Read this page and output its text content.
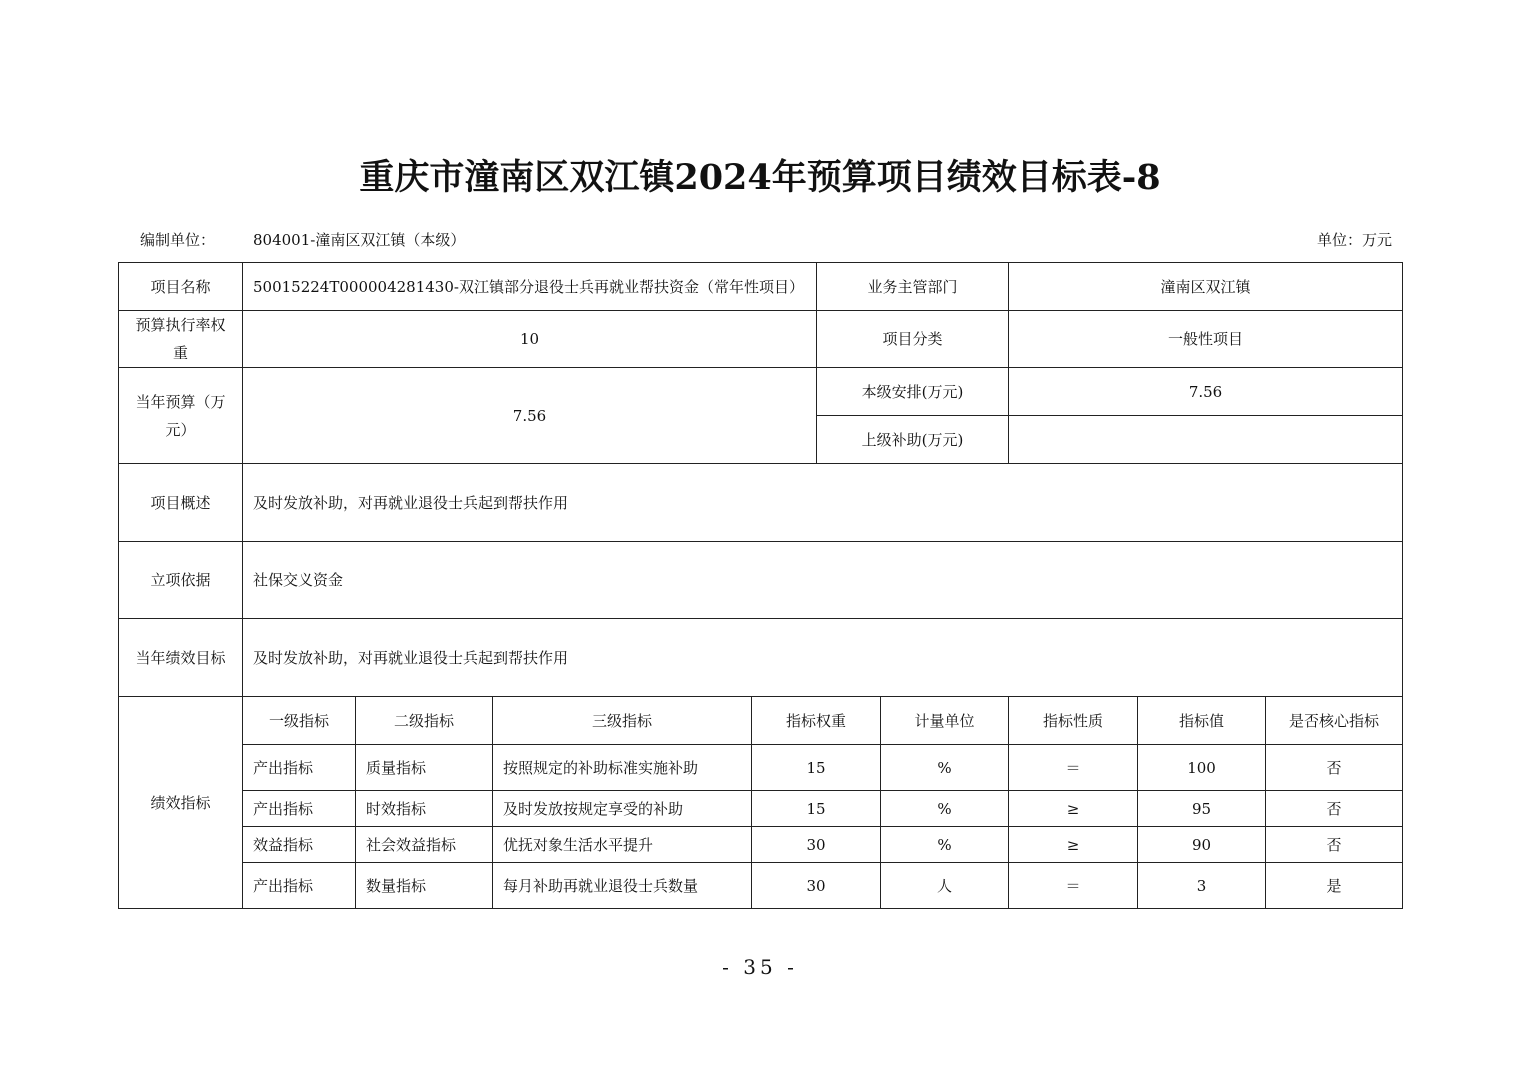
重庆市潼南区双江镇2024年预算项目绩效目标表-8
编制单位：	804001-潼南区双江镇（本级）	单位：万元
项目名称	50015224T000004281430-双江镇部分退役士兵再就业帮扶资金（常年性项目）				业务主管部门		潼南区双江镇		
预算执行率权重	10				项目分类		一般性项目		
当年预算（万元）	7.56				本级安排(万元)		7.56		
					上级补助(万元)				
项目概述	及时发放补助，对再就业退役士兵起到帮扶作用								
立项依据	社保交义资金								
当年绩效目标	及时发放补助，对再就业退役士兵起到帮扶作用								
绩效指标	一级指标	二级指标	三级指标	指标权重		计量单位	指标性质	指标值	是否核心指标
	产出指标	质量指标	按照规定的补助标准实施补助	15		%	＝	100	否
	产出指标	时效指标	及时发放按规定享受的补助	15		%	≥	95	否
	效益指标	社会效益指标	优抚对象生活水平提升	30		%	≥	90	否
	产出指标	数量指标	每月补助再就业退役士兵数量	30		人	＝	3	是
- 35 -
